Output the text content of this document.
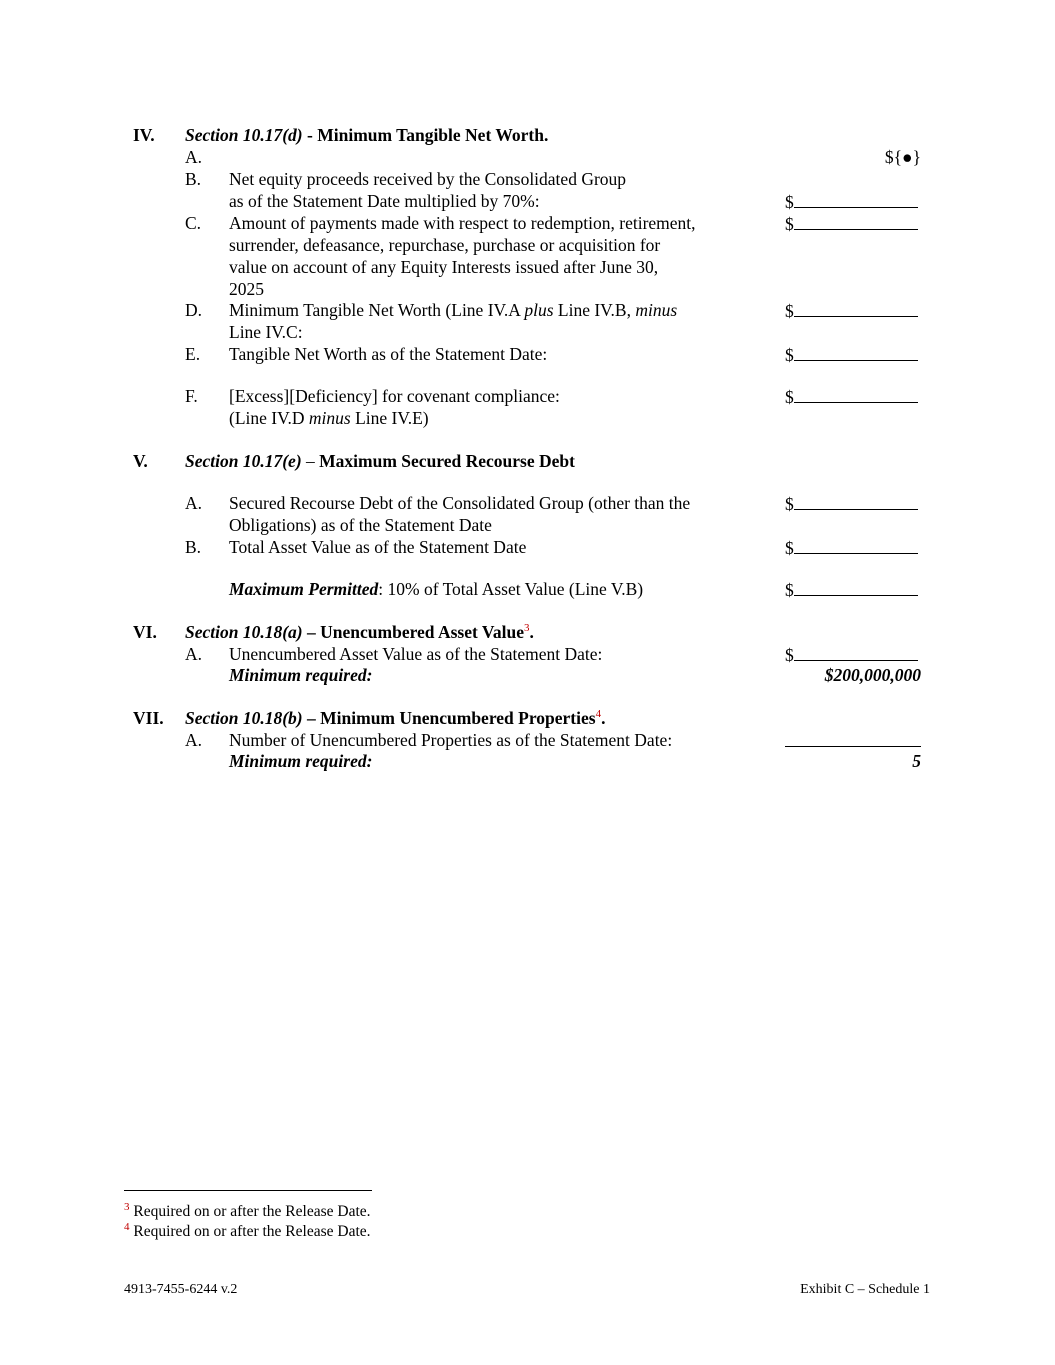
IV. Section 10.17(d) - Minimum Tangible Net Worth.
A.	${●}
B. Net equity proceeds received by the Consolidated Group
as of the Statement Date multiplied by 70%:	$
C. Amount of payments made with respect to redemption, retirement,	$
surrender, defeasance, repurchase, purchase or acquisition for
value on account of any Equity Interests issued after June 30,
2025
D. Minimum Tangible Net Worth (Line IV.A plus Line IV.B, minus	$
Line IV.C:
E. Tangible Net Worth as of the Statement Date:	$
F. [Excess][Deficiency] for covenant compliance:	$
(Line IV.D minus Line IV.E)
V. Section 10.17(e) – Maximum Secured Recourse Debt
A. Secured Recourse Debt of the Consolidated Group (other than the	$
Obligations) as of the Statement Date
B. Total Asset Value as of the Statement Date	$
Maximum Permitted: 10% of Total Asset Value (Line V.B)	$
VI. Section 10.18(a) – Unencumbered Asset Value$^3$.
A. Unencumbered Asset Value as of the Statement Date:	$
Minimum required:	$200,000,000
VII. Section 10.18(b) – Minimum Unencumbered Properties$^4$.
A. Number of Unencumbered Properties as of the Statement Date:
Minimum required:	5
$^3$ Required on or after the Release Date.
$^4$ Required on or after the Release Date.
4913-7455-6244 v.2	Exhibit C – Schedule 1
